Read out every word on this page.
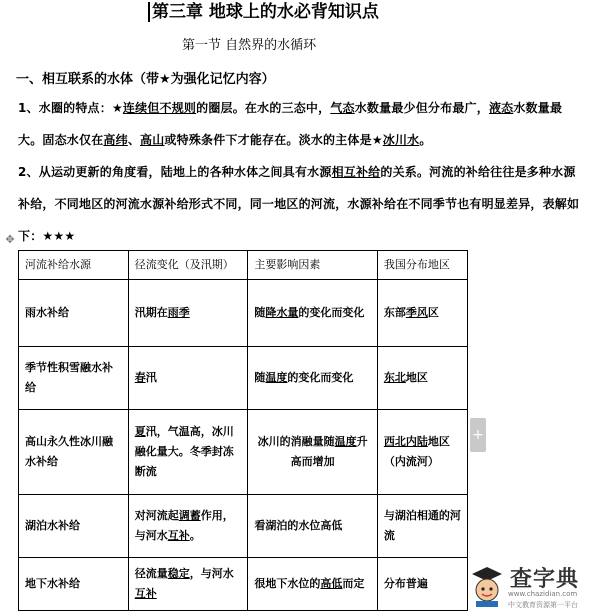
第三章 地球上的水必背知识点
第一节 自然界的水循环
一、相互联系的水体（带★为强化记忆内容）
1、水圈的特点：★连续但不规则的圈层。在水的三态中，气态水数量最少但分布最广，液态水数量最大。固态水仅在高纬、高山或特殊条件下才能存在。淡水的主体是★冰川水。
2、从运动更新的角度看，陆地上的各种水体之间具有水源相互补给的关系。河流的补给往往是多种水源补给，不同地区的河流水源补给形式不同，同一地区的河流，水源补给在不同季节也有明显差异，表解如下：★★★
✥
河流补给水源	径流变化（及汛期）	主要影响因素	我国分布地区
雨水补给	汛期在雨季	随降水量的变化而变化	东部季风区
季节性积雪融水补给	春汛	随温度的变化而变化	东北地区
高山永久性冰川融水补给	夏汛，气温高，冰川融化量大。冬季封冻断流	冰川的消融量随温度升高而增加	西北内陆地区（内流河）
湖泊水补给	对河流起调蓄作用，与河水互补。	看湖泊的水位高低	与湖泊相通的河流
地下水补给	径流量稳定，与河水互补	很地下水位的高低而定	分布普遍
+
查字典
www.chazidian.com
中文教育资源第一平台
